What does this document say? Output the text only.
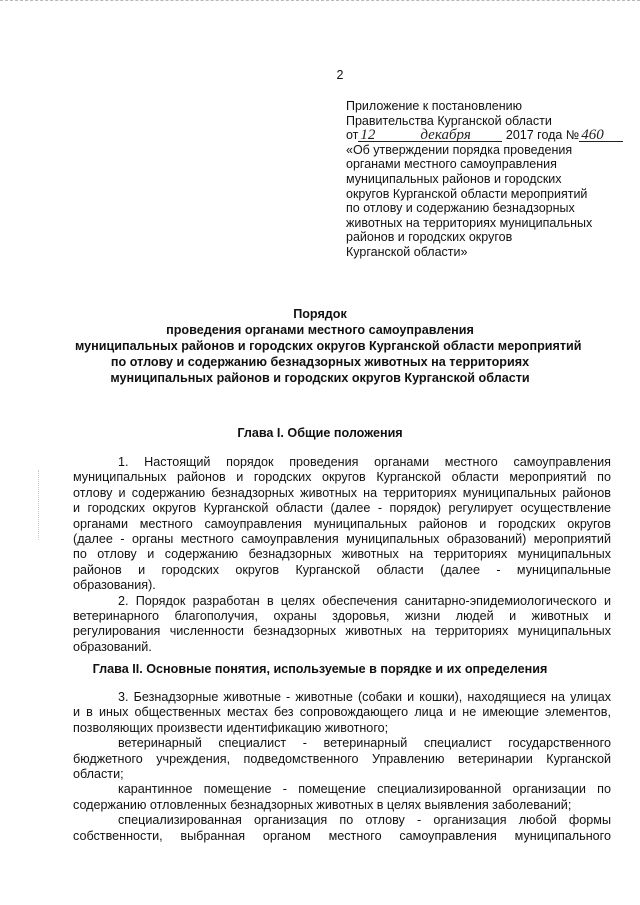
2
Приложение к постановлению
Правительства Курганской области
от 12	декабря	2017 года № 460
«Об утверждении порядка проведения
органами местного самоуправления
муниципальных районов и городских
округов Курганской области мероприятий
по отлову и содержанию безнадзорных
животных на территориях муниципальных
районов и городских округов
Курганской области»
Порядок
проведения органами местного самоуправления
муниципальных районов и городских округов Курганской области мероприятий
по отлову и содержанию безнадзорных животных на территориях
муниципальных районов и городских округов Курганской области
Глава I. Общие положения
1. Настоящий порядок проведения органами местного самоуправления
муниципальных районов и городских округов Курганской области мероприятий по
отлову и содержанию безнадзорных животных на территориях муниципальных районов
и городских округов Курганской области (далее - порядок) регулирует осуществление
органами местного самоуправления муниципальных районов и городских округов
(далее - органы местного самоуправления муниципальных образований) мероприятий
по отлову и содержанию безнадзорных животных на территориях муниципальных
районов и городских округов Курганской области (далее - муниципальные
образования).
2. Порядок разработан в целях обеспечения санитарно-эпидемиологического и
ветеринарного благополучия, охраны здоровья, жизни людей и животных и
регулирования численности безнадзорных животных на территориях муниципальных
образований.
Глава II. Основные понятия, используемые в порядке и их определения
3. Безнадзорные животные - животные (собаки и кошки), находящиеся на улицах
и в иных общественных местах без сопровождающего лица и не имеющие элементов,
позволяющих произвести идентификацию животного;
ветеринарный специалист - ветеринарный специалист государственного
бюджетного учреждения, подведомственного Управлению ветеринарии Курганской
области;
карантинное помещение - помещение специализированной организации по
содержанию отловленных безнадзорных животных в целях выявления заболеваний;
специализированная организация по отлову - организация любой формы
собственности, выбранная органом местного самоуправления муниципального
